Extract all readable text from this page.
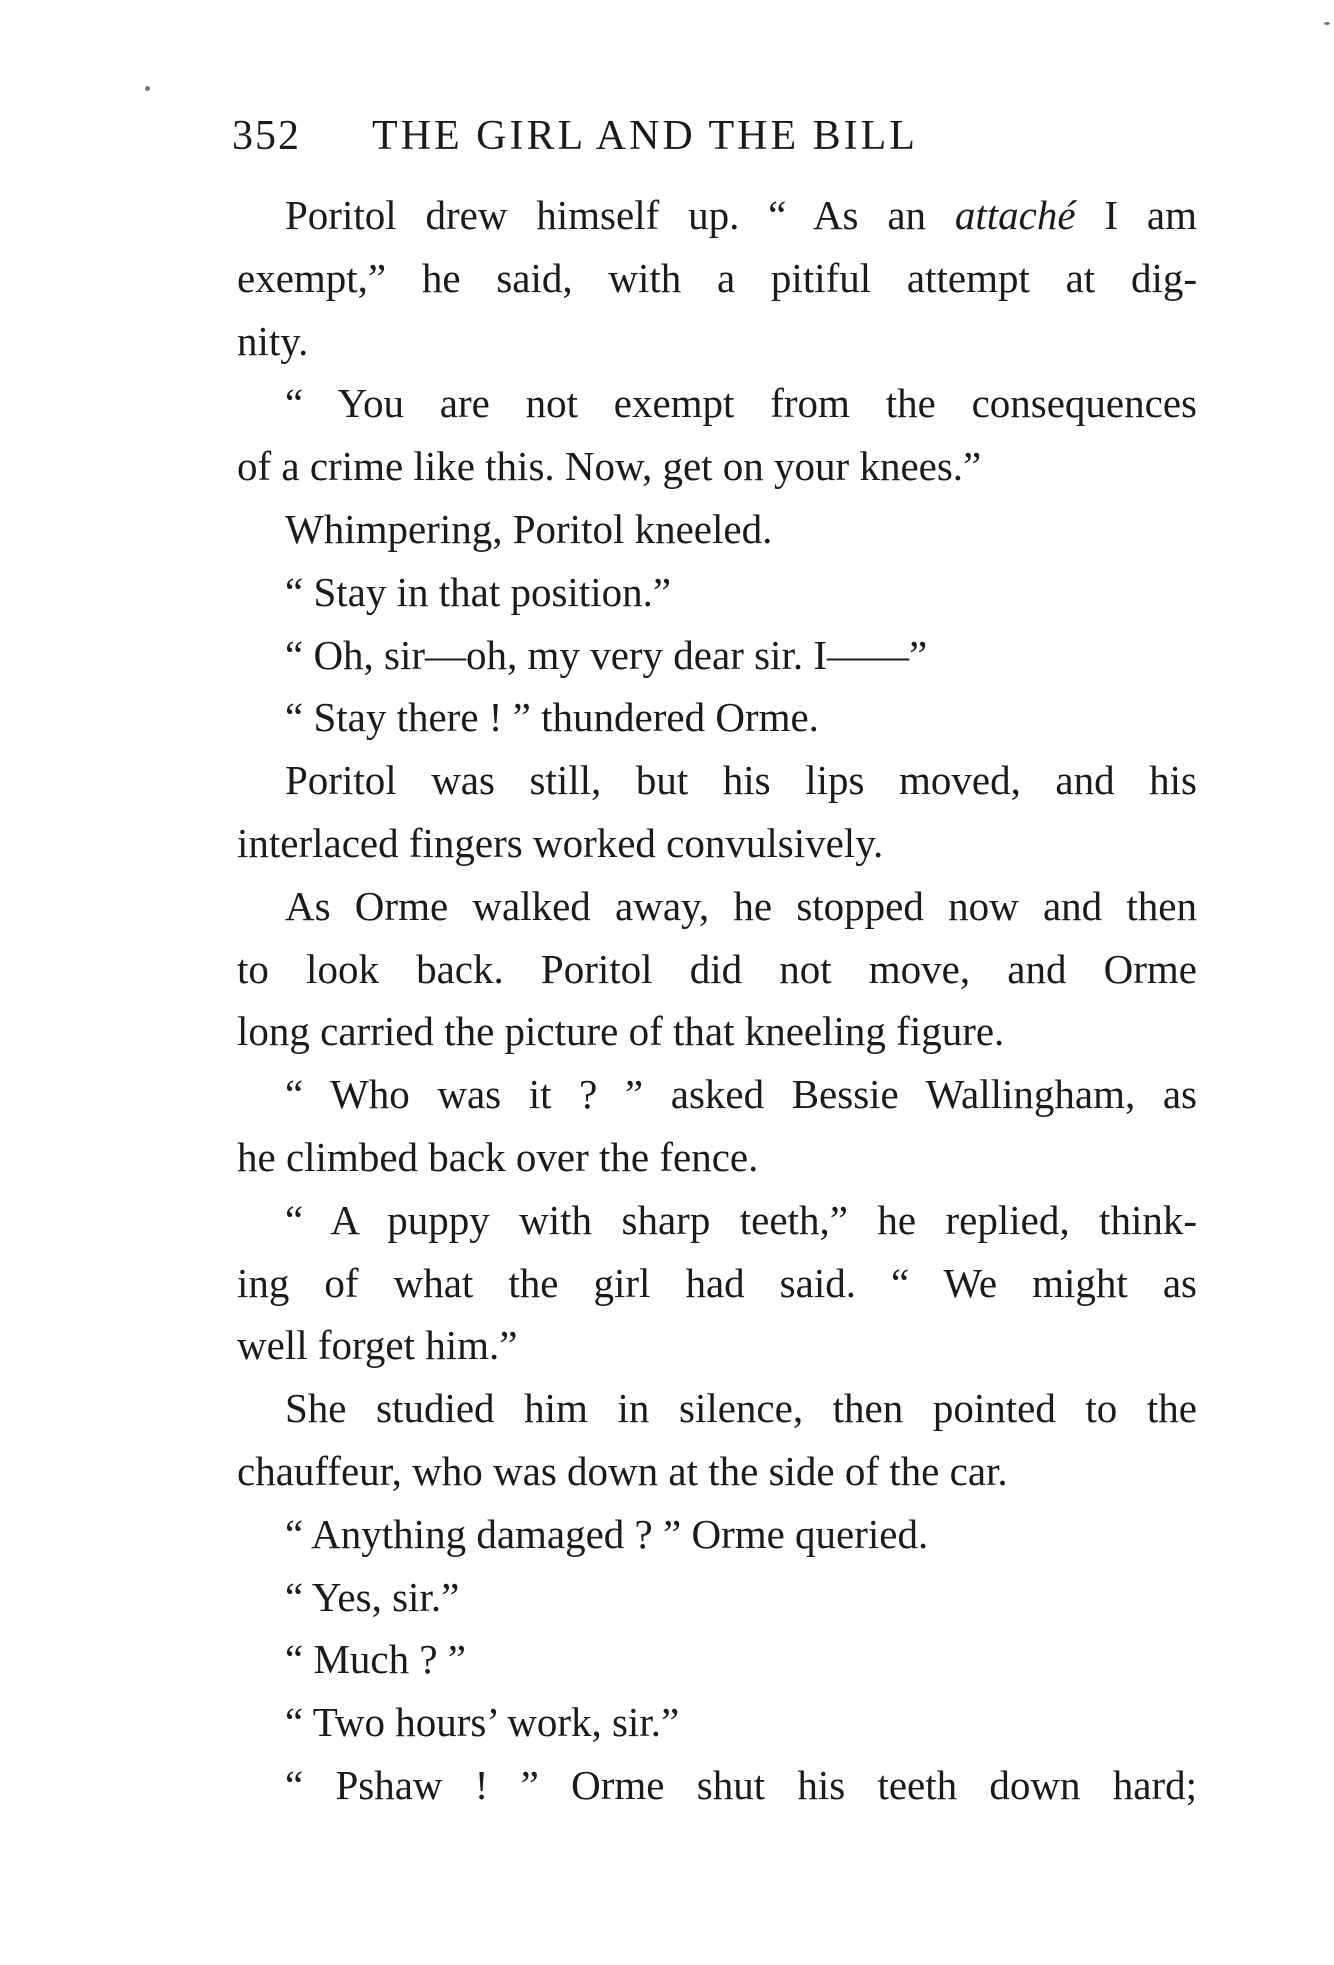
352 THE GIRL AND THE BILL
Poritol drew himself up. “ As an attaché I am
exempt,” he said, with a pitiful attempt at dig-
nity.
“ You are not exempt from the consequences
of a crime like this. Now, get on your knees.”
Whimpering, Poritol kneeled.
“ Stay in that position.”
“ Oh, sir—oh, my very dear sir. I——”
“ Stay there ! ” thundered Orme.
Poritol was still, but his lips moved, and his
interlaced fingers worked convulsively.
As Orme walked away, he stopped now and then
to look back. Poritol did not move, and Orme
long carried the picture of that kneeling figure.
“ Who was it ? ” asked Bessie Wallingham, as
he climbed back over the fence.
“ A puppy with sharp teeth,” he replied, think-
ing of what the girl had said. “ We might as
well forget him.”
She studied him in silence, then pointed to the
chauffeur, who was down at the side of the car.
“ Anything damaged ? ” Orme queried.
“ Yes, sir.”
“ Much ? ”
“ Two hours’ work, sir.”
“ Pshaw ! ” Orme shut his teeth down hard;
